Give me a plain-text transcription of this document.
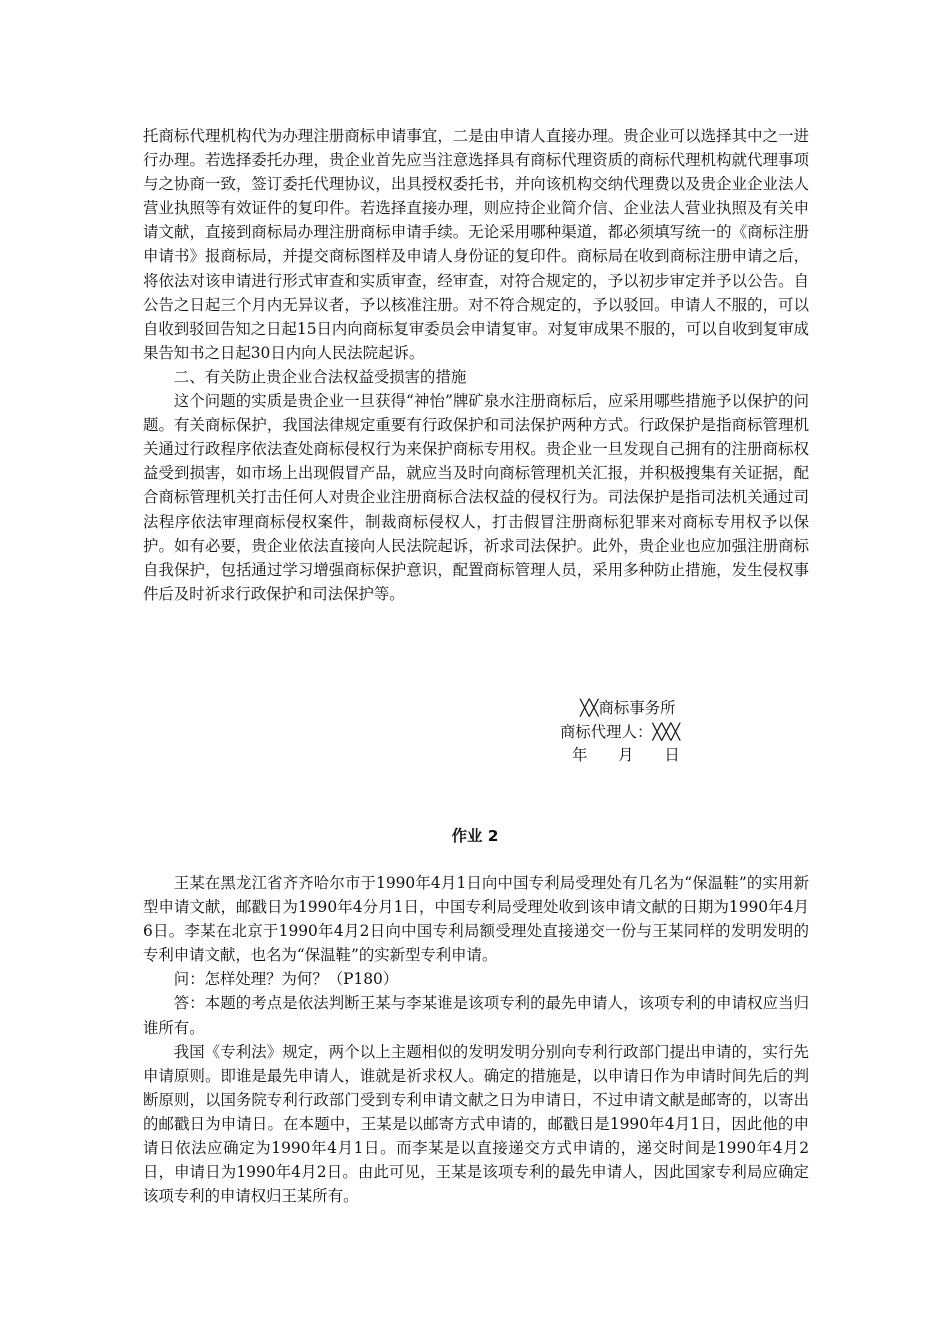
托商标代理机构代为办理注册商标申请事宜，二是由申请人直接办理。贵企业可以选择其中之一进行办理。若选择委托办理，贵企业首先应当注意选择具有商标代理资质的商标代理机构就代理事项与之协商一致，签订委托代理协议，出具授权委托书，并向该机构交纳代理费以及贵企业企业法人营业执照等有效证件的复印件。若选择直接办理，则应持企业简介信、企业法人营业执照及有关申请文献，直接到商标局办理注册商标申请手续。无论采用哪种渠道，都必须填写统一的《商标注册申请书》报商标局，并提交商标图样及申请人身份证的复印件。商标局在收到商标注册申请之后，将依法对该申请进行形式审查和实质审查，经审查，对符合规定的，予以初步审定并予以公告。自公告之日起三个月内无异议者，予以核准注册。对不符合规定的，予以驳回。申请人不服的，可以自收到驳回告知之日起15日内向商标复审委员会申请复审。对复审成果不服的，可以自收到复审成果告知书之日起30日内向人民法院起诉。

二、有关防止贵企业合法权益受损害的措施

这个问题的实质是贵企业一旦获得“神怡”牌矿泉水注册商标后，应采用哪些措施予以保护的问题。有关商标保护，我国法律规定重要有行政保护和司法保护两种方式。行政保护是指商标管理机关通过行政程序依法查处商标侵权行为来保护商标专用权。贵企业一旦发现自己拥有的注册商标权益受到损害，如市场上出现假冒产品，就应当及时向商标管理机关汇报，并积极搜集有关证据，配合商标管理机关打击任何人对贵企业注册商标合法权益的侵权行为。司法保护是指司法机关通过司法程序依法审理商标侵权案件，制裁商标侵权人，打击假冒注册商标犯罪来对商标专用权予以保护。如有必要，贵企业依法直接向人民法院起诉，祈求司法保护。此外，贵企业也应加强注册商标自我保护，包括通过学习增强商标保护意识，配置商标管理人员，采用多种防止措施，发生侵权事件后及时祈求行政保护和司法保护等。

╳╳商标事务所
商标代理人：╳╳╳
年　　月　　日
作业 2

王某在黑龙江省齐齐哈尔市于1990年4月1日向中国专利局受理处有几名为“保温鞋”的实用新型申请文献，邮戳日为1990年4分月1日，中国专利局受理处收到该申请文献的日期为1990年4月6日。李某在北京于1990年4月2日向中国专利局额受理处直接递交一份与王某同样的发明发明的专利申请文献，也名为“保温鞋”的实新型专利申请。

问：怎样处理？为何？（P180）

答：本题的考点是依法判断王某与李某谁是该项专利的最先申请人，该项专利的申请权应当归谁所有。

我国《专利法》规定，两个以上主题相似的发明发明分别向专利行政部门提出申请的，实行先申请原则。即谁是最先申请人，谁就是祈求权人。确定的措施是，以申请日作为申请时间先后的判断原则，以国务院专利行政部门受到专利申请文献之日为申请日，不过申请文献是邮寄的，以寄出的邮戳日为申请日。在本题中，王某是以邮寄方式申请的，邮戳日是1990年4月1日，因此他的申请日依法应确定为1990年4月1日。而李某是以直接递交方式申请的，递交时间是1990年4月2日，申请日为1990年4月2日。由此可见，王某是该项专利的最先申请人，因此国家专利局应确定该项专利的申请权归王某所有。
